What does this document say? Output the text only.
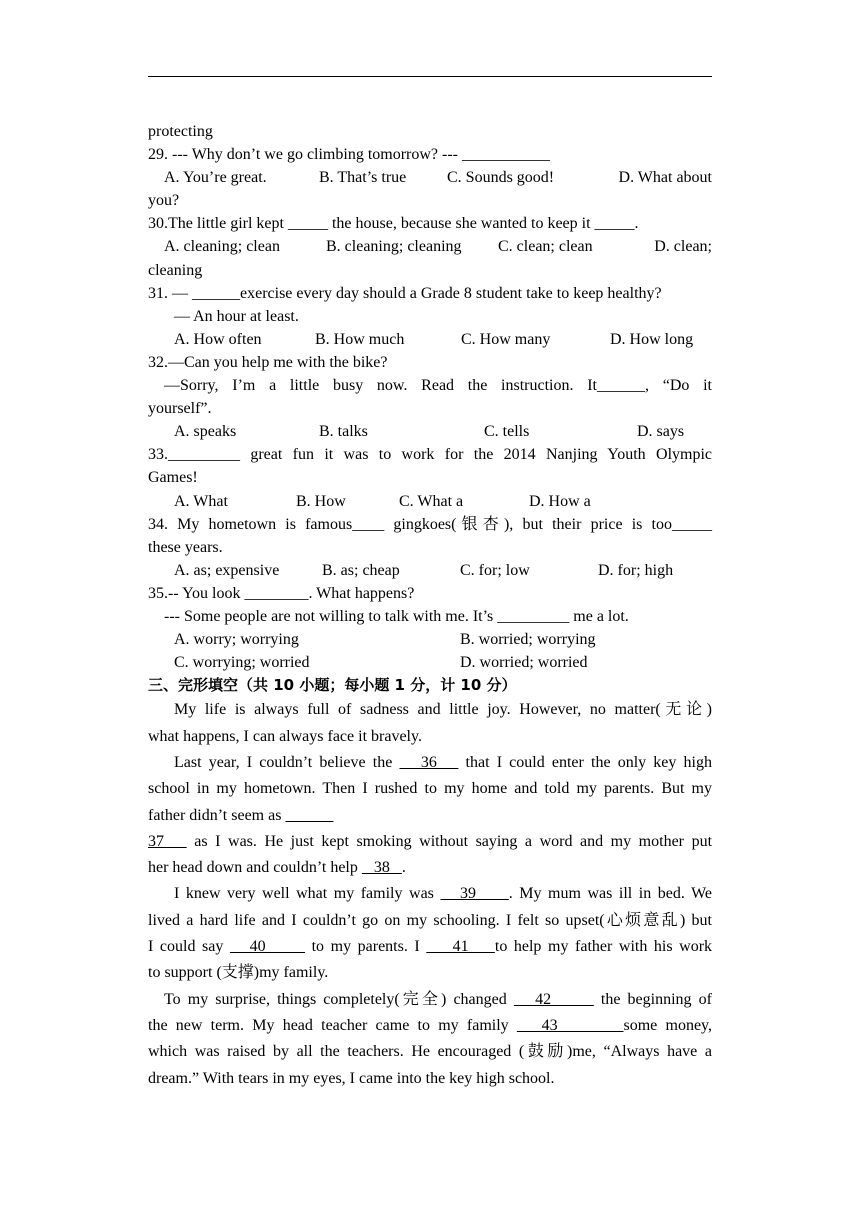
protecting
29. --- Why don’t we go climbing tomorrow? --- ___________
A. You’re great.	B. That’s true	C. Sounds good!	D. What about
you?
30.The little girl kept _____ the house, because she wanted to keep it _____.
A. cleaning; clean	B. cleaning; cleaning C. clean; clean	D. clean;
cleaning
31. — ______exercise every day should a Grade 8 student take to keep healthy?
— An hour at least.
A. How often	B. How much	C. How many	D. How long
32.—Can you help me with the bike?
—Sorry, I’m a little busy now. Read the instruction. It______, “Do it
yourself”.
A. speaks	B. talks	C. tells	D. says
33._________ great fun it was to work for the 2014 Nanjing Youth Olympic
Games!
A. What	B. How	C. What a	D. How a
34. My hometown is famous____ gingkoes(银杏), but their price is too_____
these years.
A. as; expensive	B. as; cheap	C. for; low	D. for; high
35.-- You look ________. What happens?
--- Some people are not willing to talk with me. It’s _________ me a lot.
A. worry; worrying	B. worried; worrying
C. worrying; worried	D. worried; worried
三、完形填空（共 10 小题；每小题 1 分，计 10 分）
My life is always full of sadness and little joy. However, no matter(无论)
what happens, I can always face it bravely.
Last year, I couldn’t believe the    36    that I could enter the only key high
school in my hometown. Then I rushed to my home and told my parents. But my
father didn’t seem as
37    as I was. He just kept smoking without saying a word and my mother put
her head down and couldn’t help    38   .
I knew very well what my family was    39     . My mum was ill in bed. We
lived a hard life and I couldn’t go on my schooling. I felt so upset(心烦意乱) but
I could say    40       to my parents. I     41    to help my father with his work
to support (支撑)my family.
To my surprise, things completely(完全) changed    42       the beginning of
the new term. My head teacher came to my family    43        some money,
which was raised by all the teachers. He encouraged (鼓励)me, “Always have a
dream.” With tears in my eyes, I came into the key high school.
